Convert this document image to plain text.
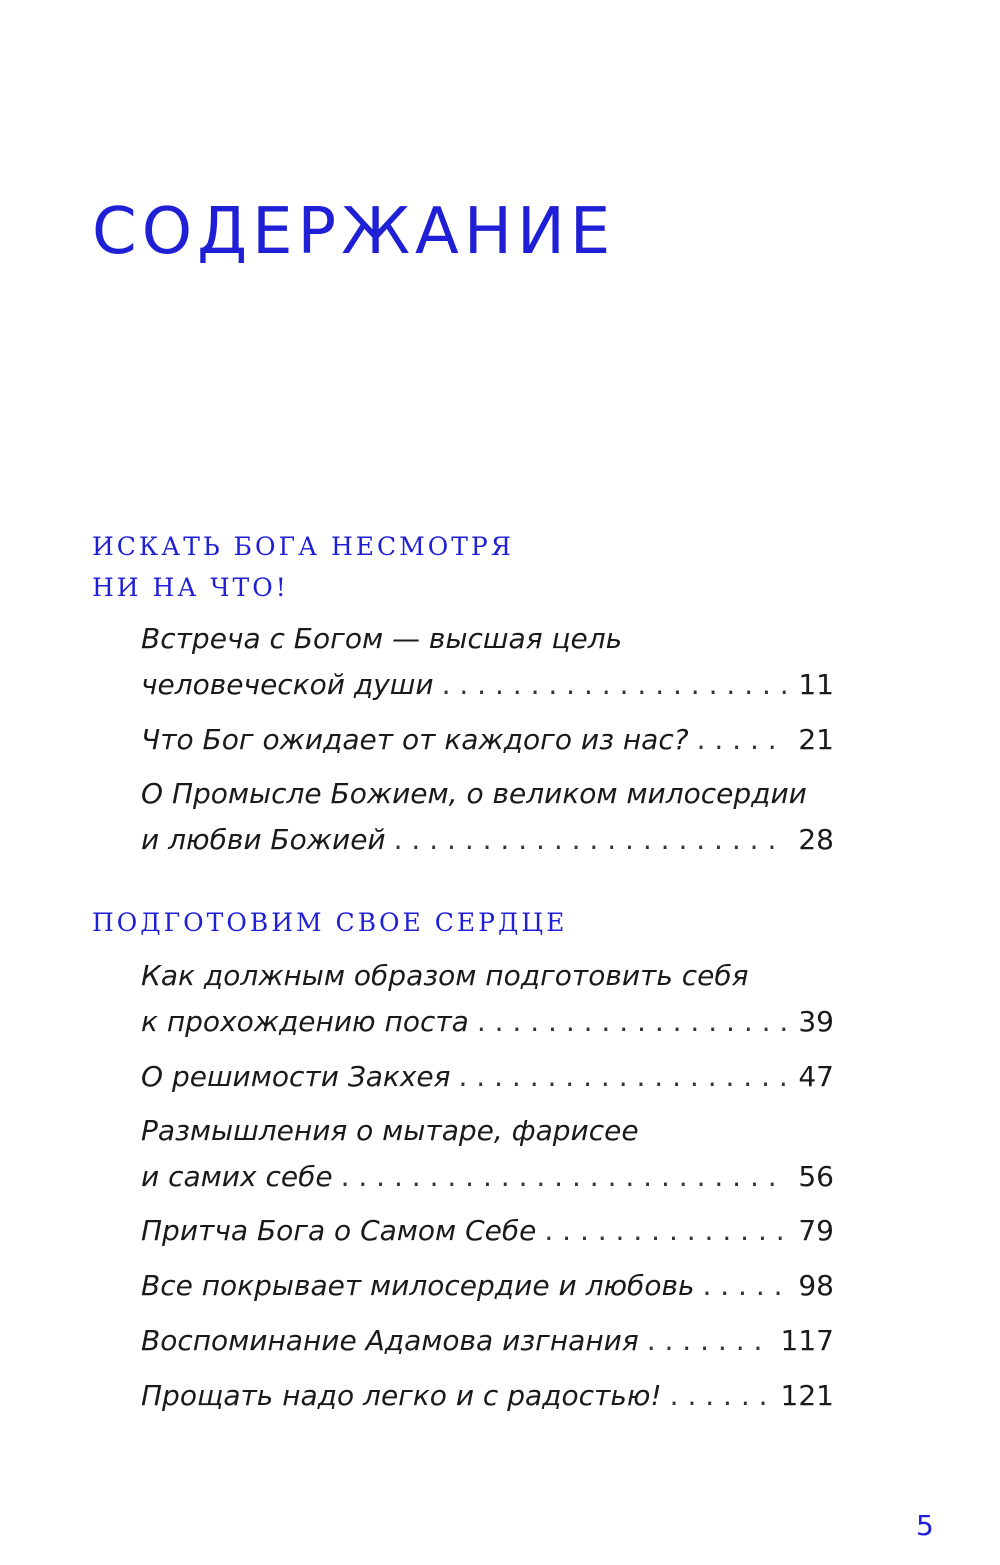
СОДЕРЖАНИЕ
ИСКАТЬ БОГА НЕСМОТРЯ
НИ НА ЧТО!
Встреча с Богом — высшая цель
человеческой души . . .	11
Что Бог ожидает от каждого из нас? . . .	21
О Промысле Божием, о великом милосердии
и любви Божией . . .	28
ПОДГОТОВИМ СВОЕ СЕРДЦЕ
Как должным образом подготовить себя
к прохождению поста . . .	39
О решимости Закхея . . .	47
Размышления о мытаре, фарисее
и самих себе . . .	56
Притча Бога о Самом Себе . . .	79
Все покрывает милосердие и любовь . . .	98
Воспоминание Адамова изгнания . . .	117
Прощать надо легко и с радостью! . . .	121
5
